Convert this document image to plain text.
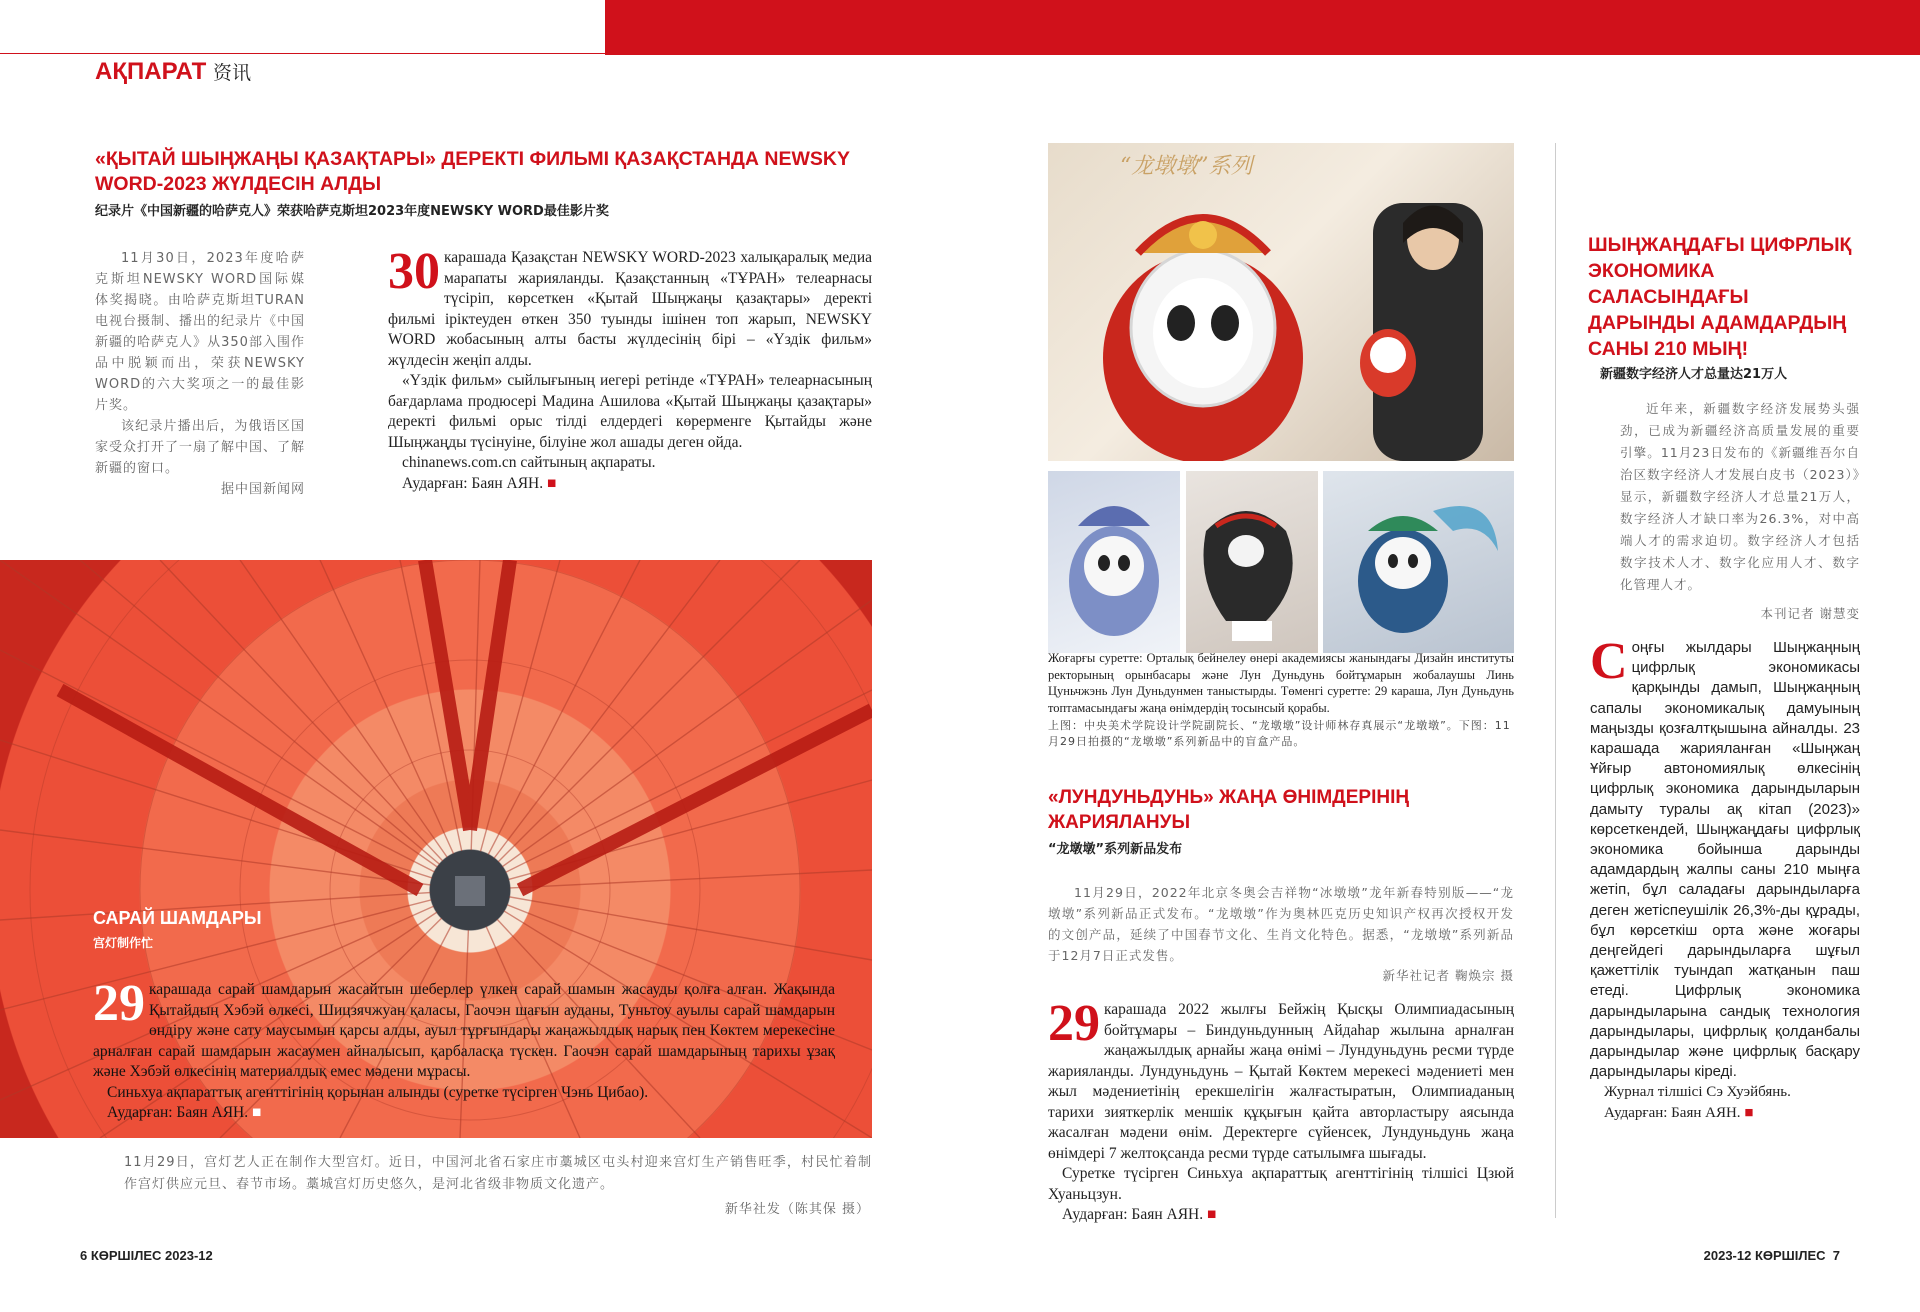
АҚПАРАТ 资讯
«ҚЫТАЙ ШЫҢЖАҢЫ ҚАЗАҚТАРЫ» ДЕРЕКТІ ФИЛЬМІ ҚАЗАҚСТАНДА NEWSKY WORD-2023 ЖҮЛДЕСІН АЛДЫ
纪录片《中国新疆的哈萨克人》荣获哈萨克斯坦2023年度NEWSKY WORD最佳影片奖
11月30日，2023年度哈萨克斯坦NEWSKY WORD国际媒体奖揭晓。由哈萨克斯坦TURAN电视台摄制、播出的纪录片《中国新疆的哈萨克人》从350部入围作品中脱颖而出，荣获NEWSKY WORD的六大奖项之一的最佳影片奖。
该纪录片播出后，为俄语区国家受众打开了一扇了解中国、了解新疆的窗口。
据中国新闻网
30 карашада Қазақстан NEWSKY WORD-2023 халықаралық медиа марапаты жарияланды. Қазақстанның «ТҰРАН» телеарнасы түсіріп, көрсеткен «Қытай Шыңжаңы қазақтары» деректі фильмі іріктеуден өткен 350 туынды ішінен топ жарып, NEWSKY WORD жобасының алты басты жүлдесінің бірі – «Үздік фильм» жүлдесін жеңіп алды.
«Үздік фильм» сыйлығының иегері ретінде «ТҰРАН» телеарнасының бағдарлама продюсері Мадина Ашилова «Қытай Шыңжаңы қазақтары» деректі фильмі орыс тілді елдердегі көрерменге Қытайды және Шыңжаңды түсінуіне, білуіне жол ашады деген ойда.
chinanews.com.cn сайтының ақпараты.
Аударған: Баян АЯН. ■
САРАЙ ШАМДАРЫ
宫灯制作忙
29 карашада сарай шамдарын жасайтын шеберлер үлкен сарай шамын жасауды қолға алған. Жақында Қытайдың Хэбэй өлкесі, Шицзячжуан қаласы, Гаочэн шағын ауданы, Туньтоу ауылы сарай шамдарын өндіру және сату маусымын қарсы алды, ауыл тұрғындары жаңажылдық нарық пен Көктем мерекесіне арналған сарай шамдарын жасаумен айналысып, қарбаласқа түскен. Гаочэн сарай шамдарының тарихы ұзақ және Хэбэй өлкесінің материалдық емес мәдени мұрасы.
Синьхуа ақпараттық агенттігінің қорынан алынды (суретке түсірген Чэнь Цибао).
Аударған: Баян АЯН. ■
11月29日，宫灯艺人正在制作大型宫灯。近日，中国河北省石家庄市藁城区屯头村迎来宫灯生产销售旺季，村民忙着制作宫灯供应元旦、春节市场。藁城宫灯历史悠久，是河北省级非物质文化遗产。
新华社发（陈其保 摄）
“龙墩墩”系列
Жоғарғы суретте: Орталық бейнелеу өнері академиясы жанындағы Дизайн институты ректорының орынбасары және Лун Дуньдунь бойтұмарын жобалаушы Линь Цуньчжэнь Лун Дуньдунмен таныстырды. Төменгі суретте: 29 караша, Лун Дуньдунь топтамасындағы жаңа өнімдердің тосынсый қорабы.
上图：中央美术学院设计学院副院长、“龙墩墩”设计师林存真展示“龙墩墩”。下图：11月29日拍摄的“龙墩墩”系列新品中的盲盒产品。
«ЛУНДУНЬДУНЬ» ЖАҢА ӨНІМДЕРІНІҢ ЖАРИЯЛАНУЫ
“龙墩墩”系列新品发布
11月29日，2022年北京冬奥会吉祥物“冰墩墩”龙年新春特别版——“龙墩墩”系列新品正式发布。“龙墩墩”作为奥林匹克历史知识产权再次授权开发的文创产品，延续了中国春节文化、生肖文化特色。据悉，“龙墩墩”系列新品于12月7日正式发售。
新华社记者 鞠焕宗 摄
29 карашада 2022 жылғы Бейжің Қысқы Олимпиадасының бойтұмары – Биндуньдунның Айдаһар жылына арналған жаңажылдық арнайы жаңа өнімі – Лундуньдунь ресми түрде жарияланды. Лундуньдунь – Қытай Көктем мерекесі мәдениеті мен жыл мәдениетінің ерекшелігін жалғастыратын, Олимпиаданың тарихи зияткерлік меншік құқығын қайта авторластыру аясында жасалған мәдени өнім. Деректерге сүйенсек, Лундуньдунь жаңа өнімдері 7 желтоқсанда ресми түрде сатылымға шығады.
Суретке түсірген Синьхуа ақпараттық агенттігінің тілшісі Цзюй Хуаньцзун.
Аударған: Баян АЯН. ■
ШЫҢЖАҢДАҒЫ ЦИФРЛЫҚ ЭКОНОМИКА САЛАСЫНДАҒЫ ДАРЫНДЫ АДАМДАРДЫҢ САНЫ 210 МЫҢ!
新疆数字经济人才总量达21万人
近年来，新疆数字经济发展势头强劲，已成为新疆经济高质量发展的重要引擎。11月23日发布的《新疆维吾尔自治区数字经济人才发展白皮书（2023）》显示，新疆数字经济人才总量21万人，数字经济人才缺口率为26.3%，对中高端人才的需求迫切。数字经济人才包括数字技术人才、数字化应用人才、数字化管理人才。
本刊记者 谢慧变
Соңғы жылдары Шыңжаңның цифрлық экономикасы қарқынды дамып, Шыңжаңның сапалы экономикалық дамуының маңызды қозғалтқышына айналды. 23 карашада жарияланған «Шыңжаң Ұйғыр автономиялық өлкесінің цифрлық экономика дарындыларын дамыту туралы ақ кітап (2023)» көрсеткендей, Шыңжаңдағы цифрлық экономика бойынша дарынды адамдардың жалпы саны 210 мыңға жетіп, бұл саладағы дарындыларға деген жетіспеушілік 26,3%-ды құрады, бұл көрсеткіш орта және жоғары деңгейдегі дарындыларға шұғыл қажеттілік туындап жатқанын паш етеді. Цифрлық экономика дарындыларына сандық технология дарындылары, цифрлық қолданбалы дарындылар және цифрлық басқару дарындылары кіреді.
Журнал тілшісі Сэ Хуэйбянь.
Аударған: Баян АЯН. ■
6 КӨРШІЛЕС 2023-12	2023-12 КӨРШІЛЕС  7
